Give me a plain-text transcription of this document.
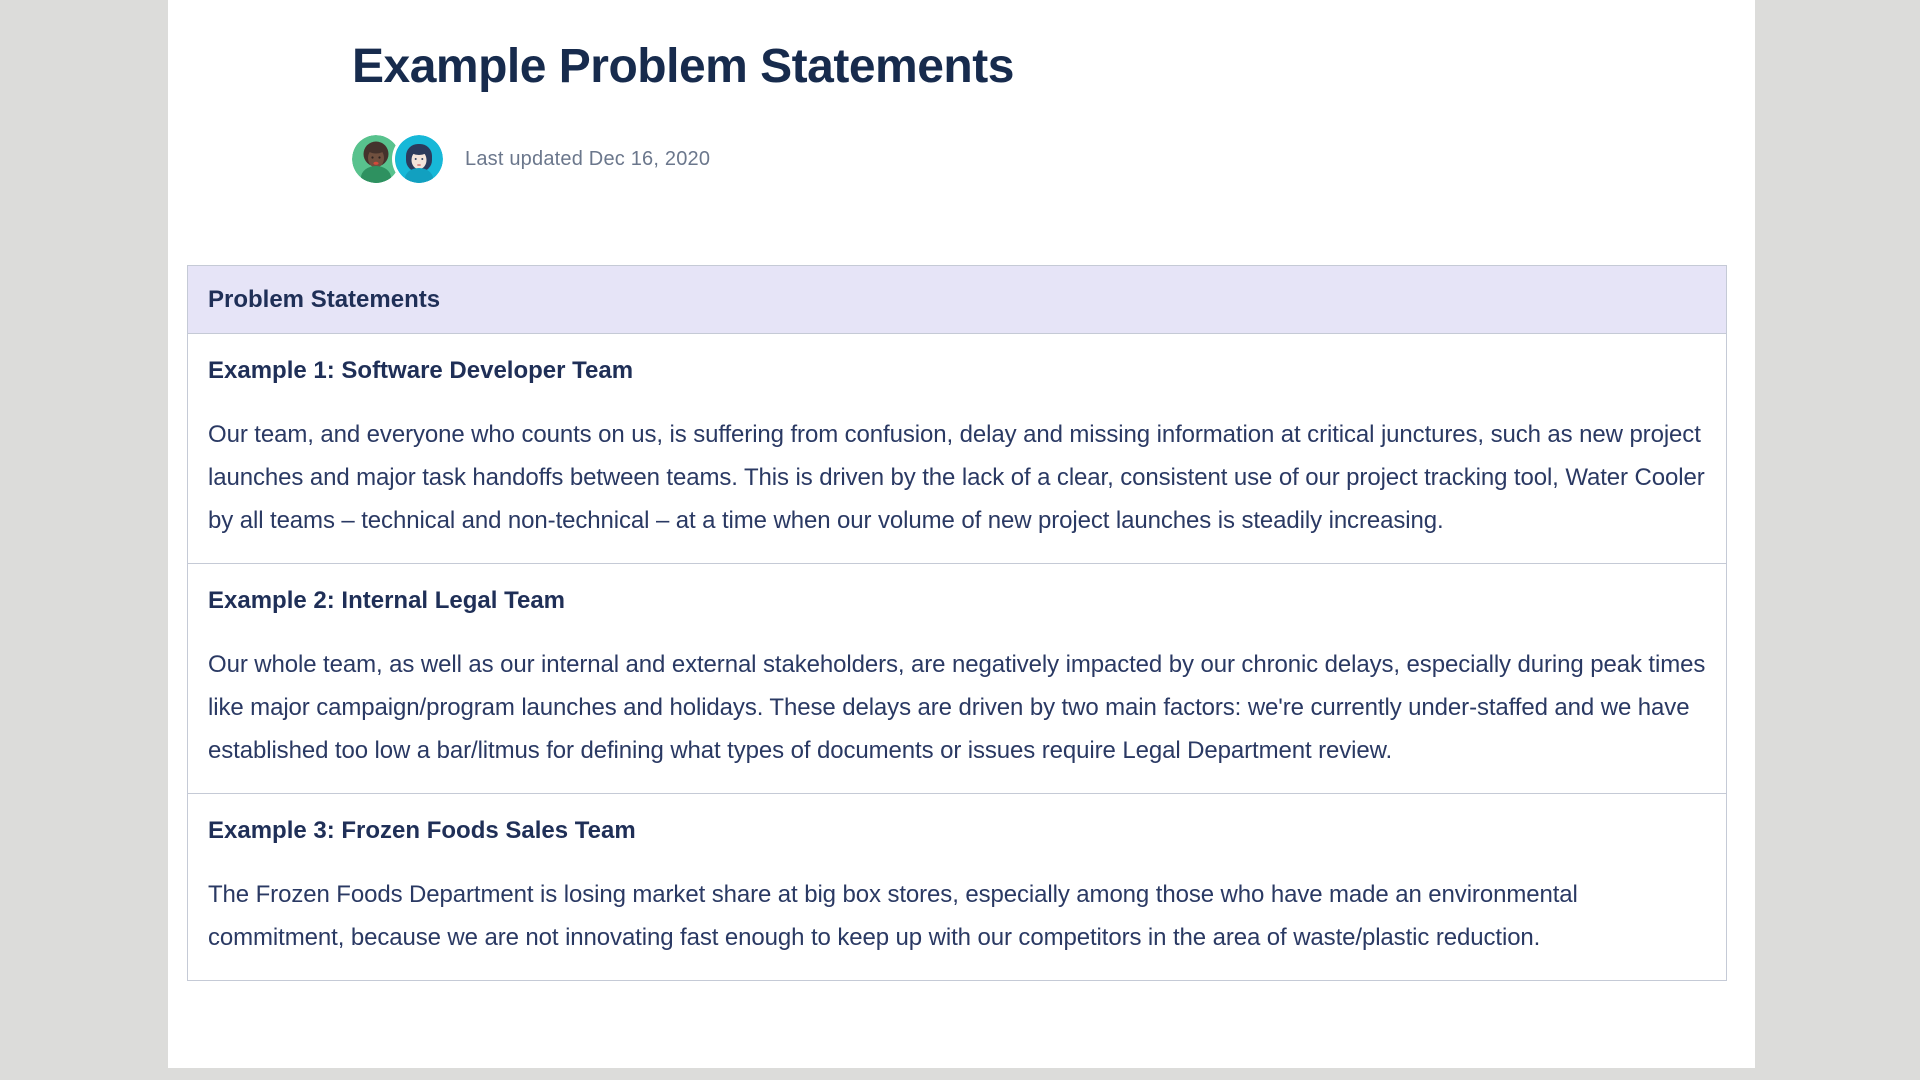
Example Problem Statements
Last updated Dec 16, 2020
Problem Statements

Example 1: Software Developer Team

Our team, and everyone who counts on us, is suffering from confusion, delay and missing information at critical junctures, such as new project launches and major task handoffs between teams. This is driven by the lack of a clear, consistent use of our project tracking tool, Water Cooler by all teams – technical and non-technical – at a time when our volume of new project launches is steadily increasing.

Example 2: Internal Legal Team

Our whole team, as well as our internal and external stakeholders, are negatively impacted by our chronic delays, especially during peak times like major campaign/program launches and holidays. These delays are driven by two main factors: we're currently under-staffed and we have established too low a bar/litmus for defining what types of documents or issues require Legal Department review.

Example 3: Frozen Foods Sales Team

The Frozen Foods Department is losing market share at big box stores, especially among those who have made an environmental commitment, because we are not innovating fast enough to keep up with our competitors in the area of waste/plastic reduction.
